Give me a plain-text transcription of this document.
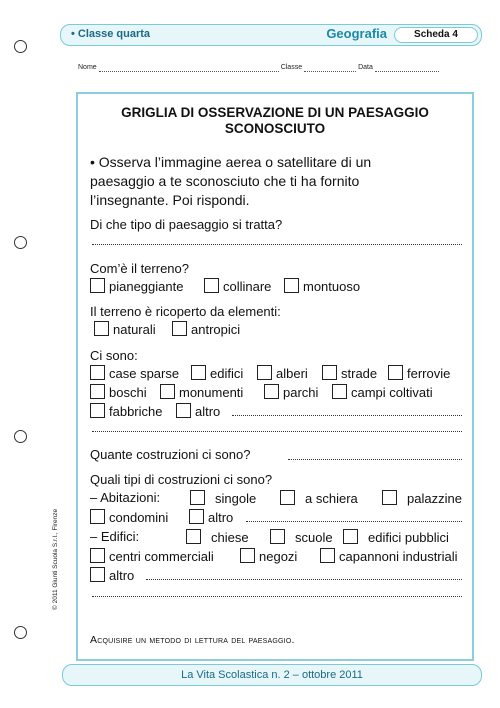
• Classe quarta	Geografia	Scheda 4
Nome	Classe	Data
GRIGLIA DI OSSERVAZIONE DI UN PAESAGGIO
SCONOSCIUTO
• Osserva l’immagine aerea o satellitare di un
paesaggio a te sconosciuto che ti ha fornito
l’insegnante. Poi rispondi.
Di che tipo di paesaggio si tratta?
Com’è il terreno?
pianeggiante	collinare	montuoso
Il terreno è ricoperto da elementi:
naturali	antropici
Ci sono:
case sparse	edifici	alberi	strade	ferrovie
boschi	monumenti	parchi	campi coltivati
fabbriche	altro
Quante costruzioni ci sono?
Quali tipi di costruzioni ci sono?
– Abitazioni:	singole	a schiera	palazzine
condomini	altro
– Edifici:	chiese	scuole	edifici pubblici
centri commerciali	negozi	capannoni industriali
altro
Acquisire un metodo di lettura del paesaggio.
© 2011 Giunti Scuola S.r.l., Firenze
La Vita Scolastica n. 2 – ottobre 2011
